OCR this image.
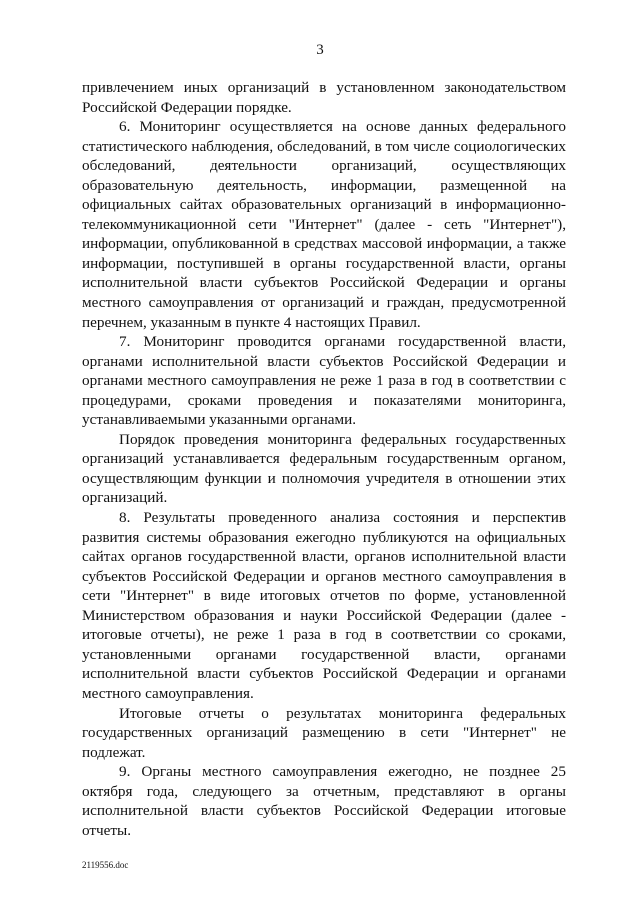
3

привлечением иных организаций в установленном законодательством Российской Федерации порядке.

6. Мониторинг осуществляется на основе данных федерального статистического наблюдения, обследований, в том числе социологических обследований, деятельности организаций, осуществляющих образовательную деятельность, информации, размещенной на официальных сайтах образовательных организаций в информационно-телекоммуникационной сети "Интернет" (далее - сеть "Интернет"), информации, опубликованной в средствах массовой информации, а также информации, поступившей в органы государственной власти, органы исполнительной власти субъектов Российской Федерации и органы местного самоуправления от организаций и граждан, предусмотренной перечнем, указанным в пункте 4 настоящих Правил.

7. Мониторинг проводится органами государственной власти, органами исполнительной власти субъектов Российской Федерации и органами местного самоуправления не реже 1 раза в год в соответствии с процедурами, сроками проведения и показателями мониторинга, устанавливаемыми указанными органами.

Порядок проведения мониторинга федеральных государственных организаций устанавливается федеральным государственным органом, осуществляющим функции и полномочия учредителя в отношении этих организаций.

8. Результаты проведенного анализа состояния и перспектив развития системы образования ежегодно публикуются на официальных сайтах органов государственной власти, органов исполнительной власти субъектов Российской Федерации и органов местного самоуправления в сети "Интернет" в виде итоговых отчетов по форме, установленной Министерством образования и науки Российской Федерации (далее - итоговые отчеты), не реже 1 раза в год в соответствии со сроками, установленными органами государственной власти, органами исполнительной власти субъектов Российской Федерации и органами местного самоуправления.

Итоговые отчеты о результатах мониторинга федеральных государственных организаций размещению в сети "Интернет" не подлежат.

9. Органы местного самоуправления ежегодно, не позднее 25 октября года, следующего за отчетным, представляют в органы исполнительной власти субъектов Российской Федерации итоговые отчеты.

2119556.doc
